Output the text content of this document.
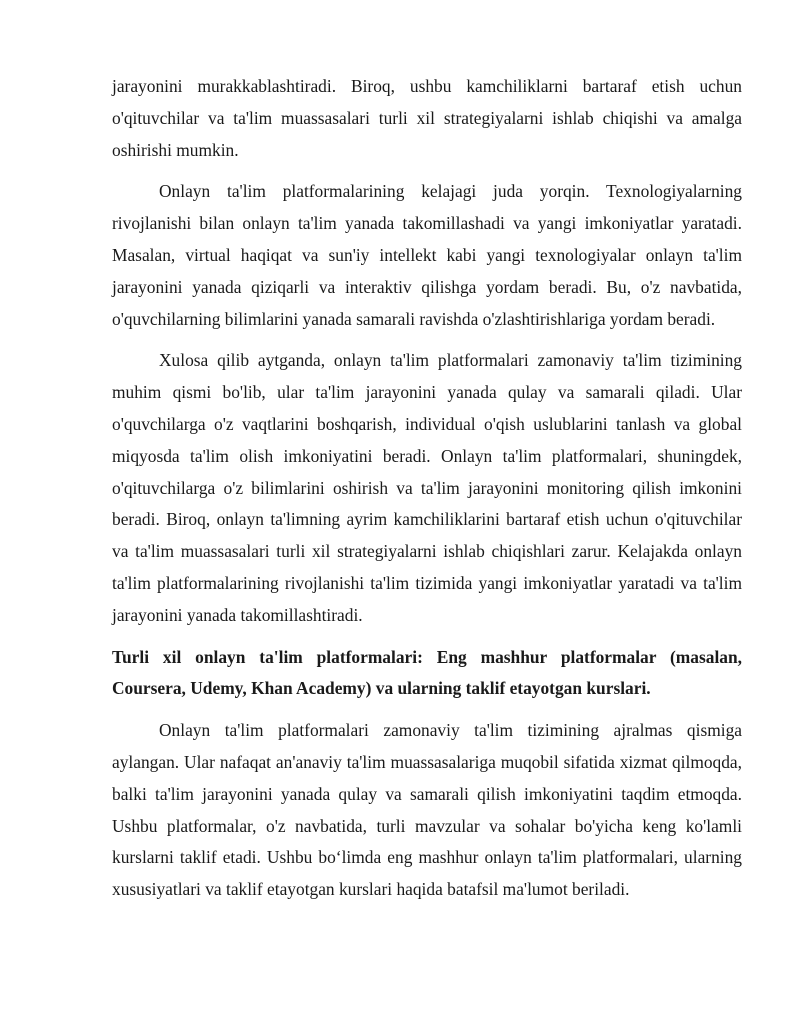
jarayonini murakkablashtiradi. Biroq, ushbu kamchiliklarni bartaraf etish uchun o'qituvchilar va ta'lim muassasalari turli xil strategiyalarni ishlab chiqishi va amalga oshirishi mumkin.

Onlayn ta'lim platformalarining kelajagi juda yorqin. Texnologiyalarning rivojlanishi bilan onlayn ta'lim yanada takomillashadi va yangi imkoniyatlar yaratadi. Masalan, virtual haqiqat va sun'iy intellekt kabi yangi texnologiyalar onlayn ta'lim jarayonini yanada qiziqarli va interaktiv qilishga yordam beradi. Bu, o'z navbatida, o'quvchilarning bilimlarini yanada samarali ravishda o'zlashtirishlariga yordam beradi.

Xulosa qilib aytganda, onlayn ta'lim platformalari zamonaviy ta'lim tizimining muhim qismi bo'lib, ular ta'lim jarayonini yanada qulay va samarali qiladi. Ular o'quvchilarga o'z vaqtlarini boshqarish, individual o'qish uslublarini tanlash va global miqyosda ta'lim olish imkoniyatini beradi. Onlayn ta'lim platformalari, shuningdek, o'qituvchilarga o'z bilimlarini oshirish va ta'lim jarayonini monitoring qilish imkonini beradi. Biroq, onlayn ta'limning ayrim kamchiliklarini bartaraf etish uchun o'qituvchilar va ta'lim muassasalari turli xil strategiyalarni ishlab chiqishlari zarur. Kelajakda onlayn ta'lim platformalarining rivojlanishi ta'lim tizimida yangi imkoniyatlar yaratadi va ta'lim jarayonini yanada takomillashtiradi.

Turli xil onlayn ta'lim platformalari: Eng mashhur platformalar (masalan, Coursera, Udemy, Khan Academy) va ularning taklif etayotgan kurslari.

Onlayn ta'lim platformalari zamonaviy ta'lim tizimining ajralmas qismiga aylangan. Ular nafaqat an'anaviy ta'lim muassasalariga muqobil sifatida xizmat qilmoqda, balki ta'lim jarayonini yanada qulay va samarali qilish imkoniyatini taqdim etmoqda. Ushbu platformalar, o'z navbatida, turli mavzular va sohalar bo'yicha keng ko'lamli kurslarni taklif etadi. Ushbu bo‘limda eng mashhur onlayn ta'lim platformalari, ularning xususiyatlari va taklif etayotgan kurslari haqida batafsil ma'lumot beriladi.
